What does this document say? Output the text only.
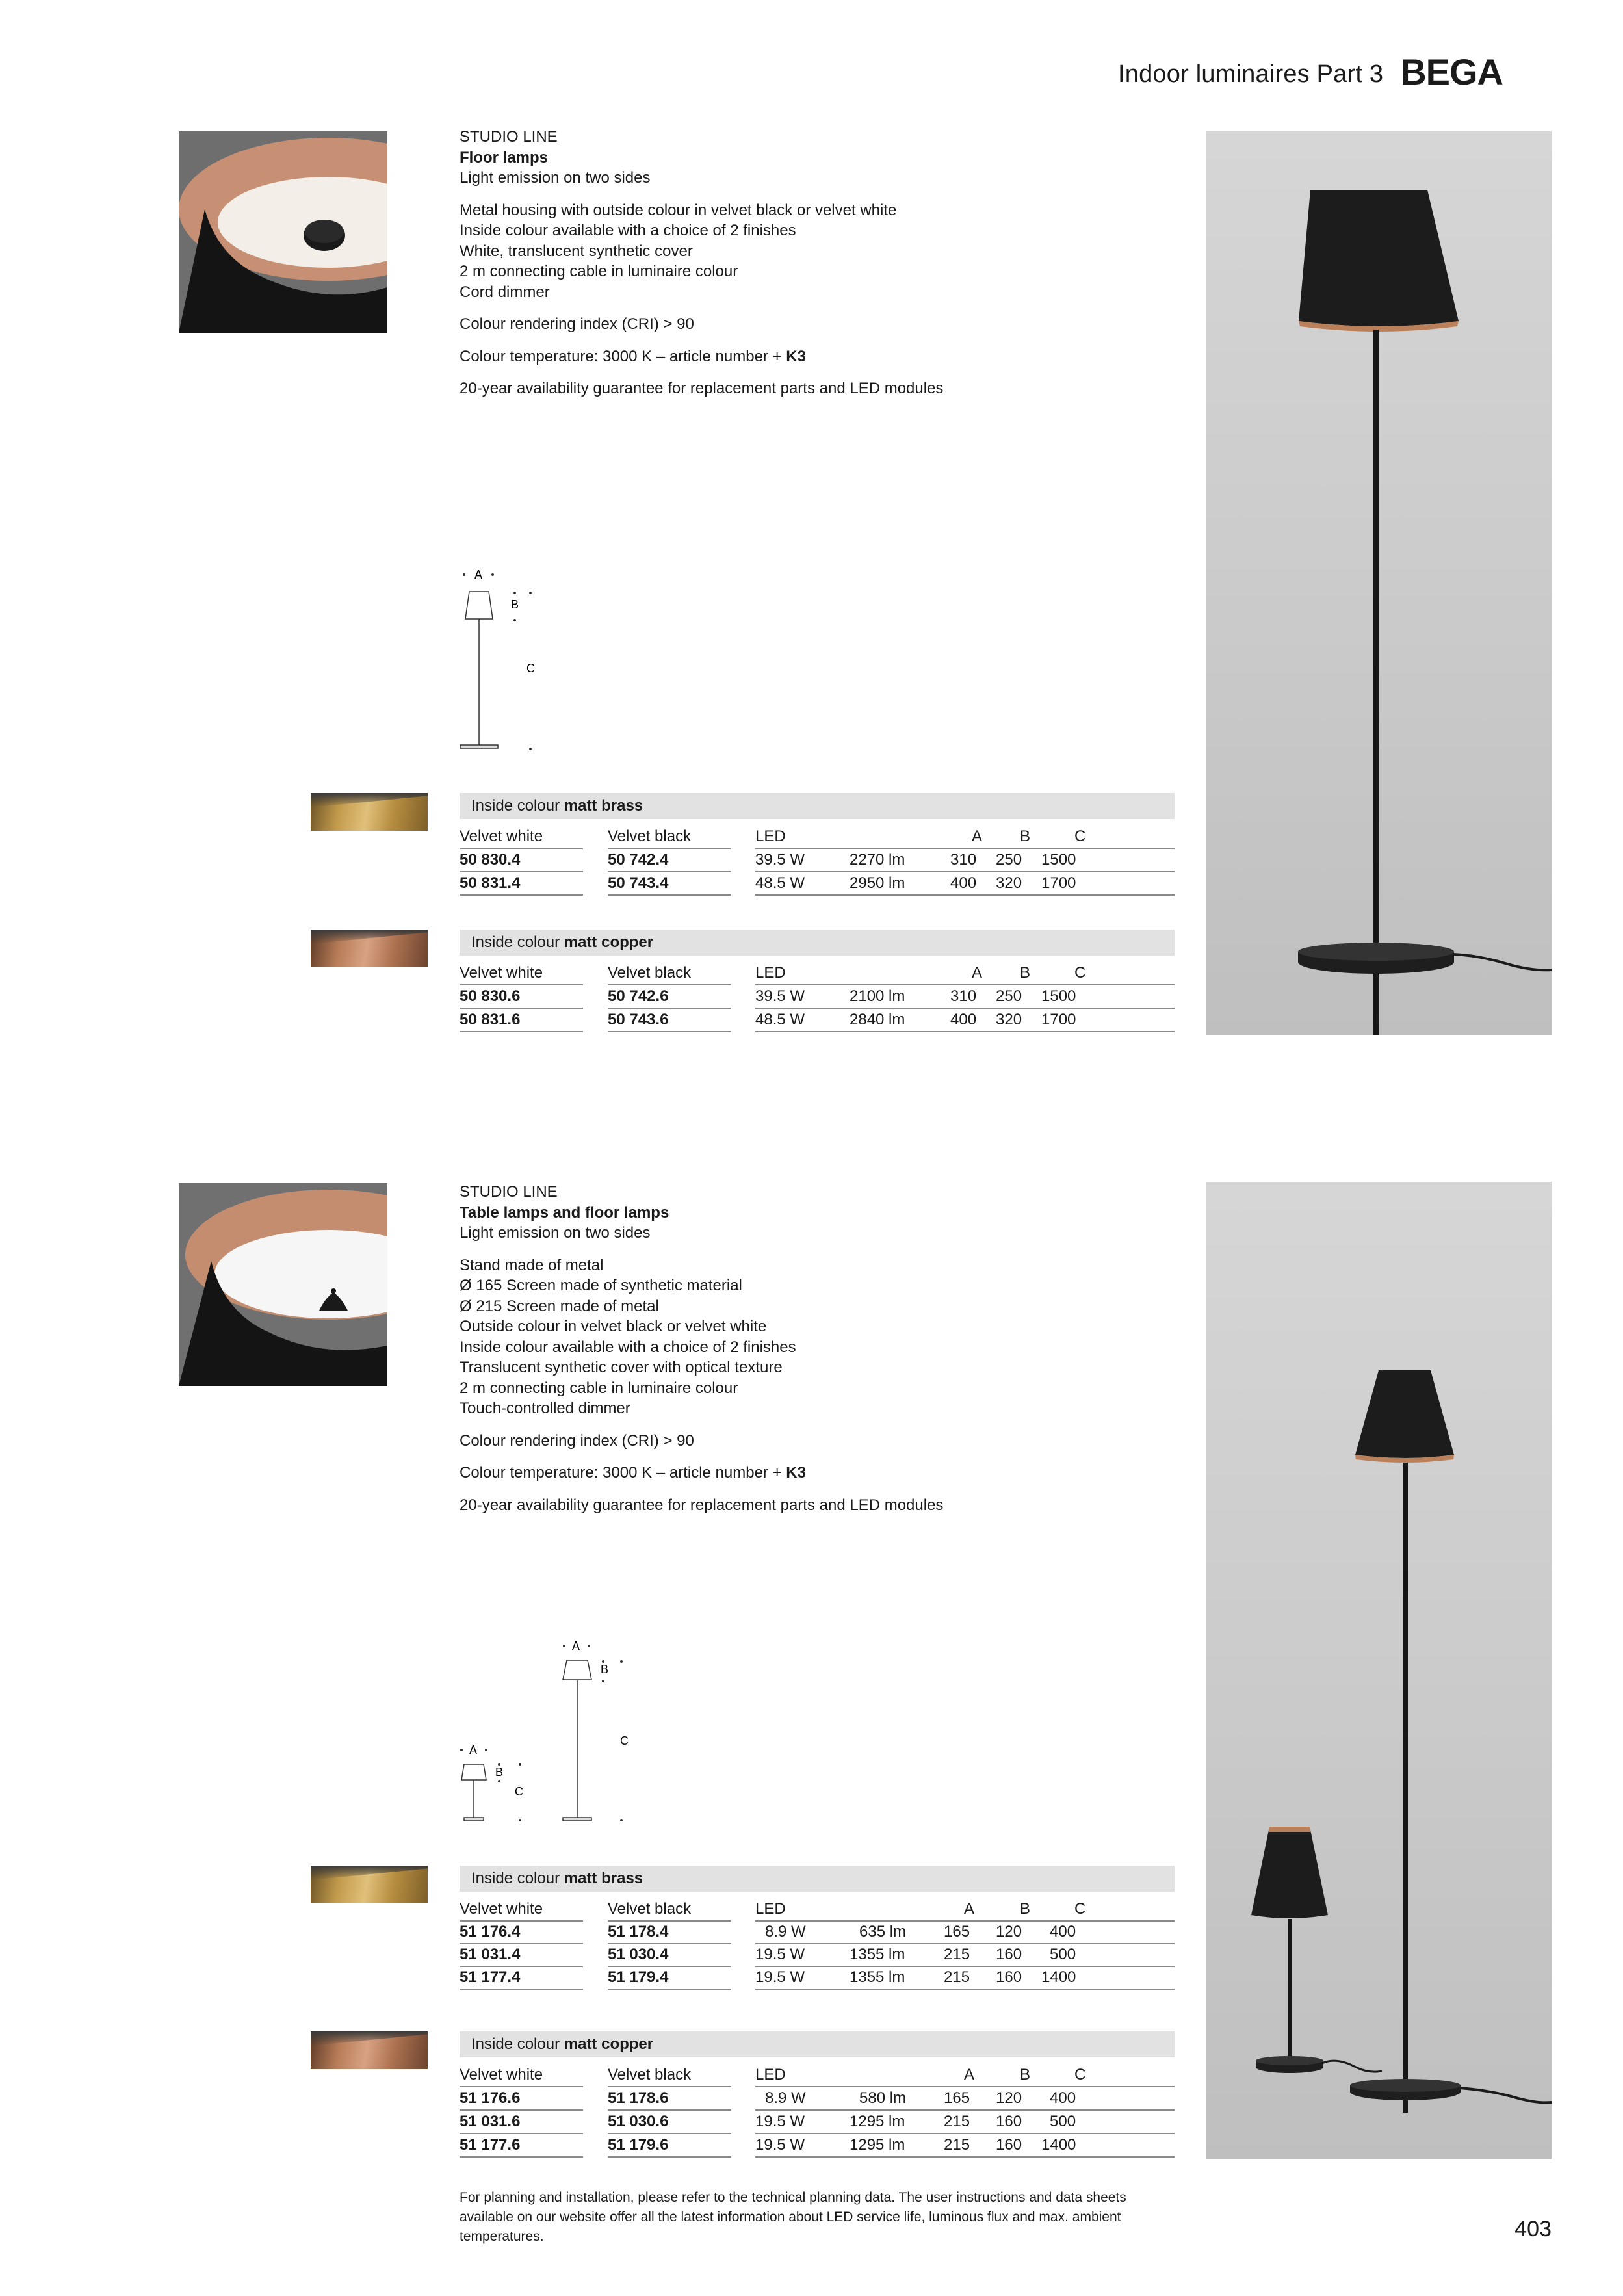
Indoor luminaires Part 3 BEGA

STUDIO LINE

Floor lamps

Light emission on two sides

Metal housing with outside colour in velvet black or velvet white

Inside colour available with a choice of 2 finishes

White, translucent synthetic cover

2 m connecting cable in luminaire colour

Cord dimmer

Colour rendering index (CRI) > 90

Colour temperature: 3000 K – article number + K3

20-year availability guarantee for replacement parts and LED modules

A
B
C
Inside colour matt brass
Velvet white	Velvet black	LED	A B	C
50 830.4	50 742.4	39.5 W	2270 lm	310 250 1500
50 831.4	50 743.4	48.5 W	2950 lm	400 320 1700
Inside colour matt copper
Velvet white	Velvet black	LED	A B	C
50 830.6	50 742.6	39.5 W	2100 lm	310 250 1500
50 831.6	50 743.6	48.5 W	2840 lm	400 320 1700

STUDIO LINE

Table lamps and floor lamps

Light emission on two sides

Stand made of metal

Ø 165 Screen made of synthetic material

Ø 215 Screen made of metal

Outside colour in velvet black or velvet white

Inside colour available with a choice of 2 finishes

Translucent synthetic cover with optical texture

2 m connecting cable in luminaire colour

Touch-controlled dimmer

Colour rendering index (CRI) > 90

Colour temperature: 3000 K – article number + K3

20-year availability guarantee for replacement parts and LED modules

A
B
C
A
B
C
Inside colour matt brass
Velvet white	Velvet black	LED	A	B	C
51 176.4	51 178.4	8.9 W	635 lm 165 120 400
51 031.4	51 030.4	19.5 W	1355 lm 215 160 500
51 177.4	51 179.4	19.5 W	1355 lm 215 160 1400
Inside colour matt copper
Velvet white	Velvet black	LED	A	B	C
51 176.6	51 178.6	8.9 W	580 lm 165 120 400
51 031.6	51 030.6	19.5 W	1295 lm 215 160 500
51 177.6	51 179.6	19.5 W	1295 lm 215 160 1400
For planning and installation, please refer to the technical planning data. The user instructions and data sheets available on our website offer all the latest information about LED service life, luminous flux and max. ambient temperatures.	403
